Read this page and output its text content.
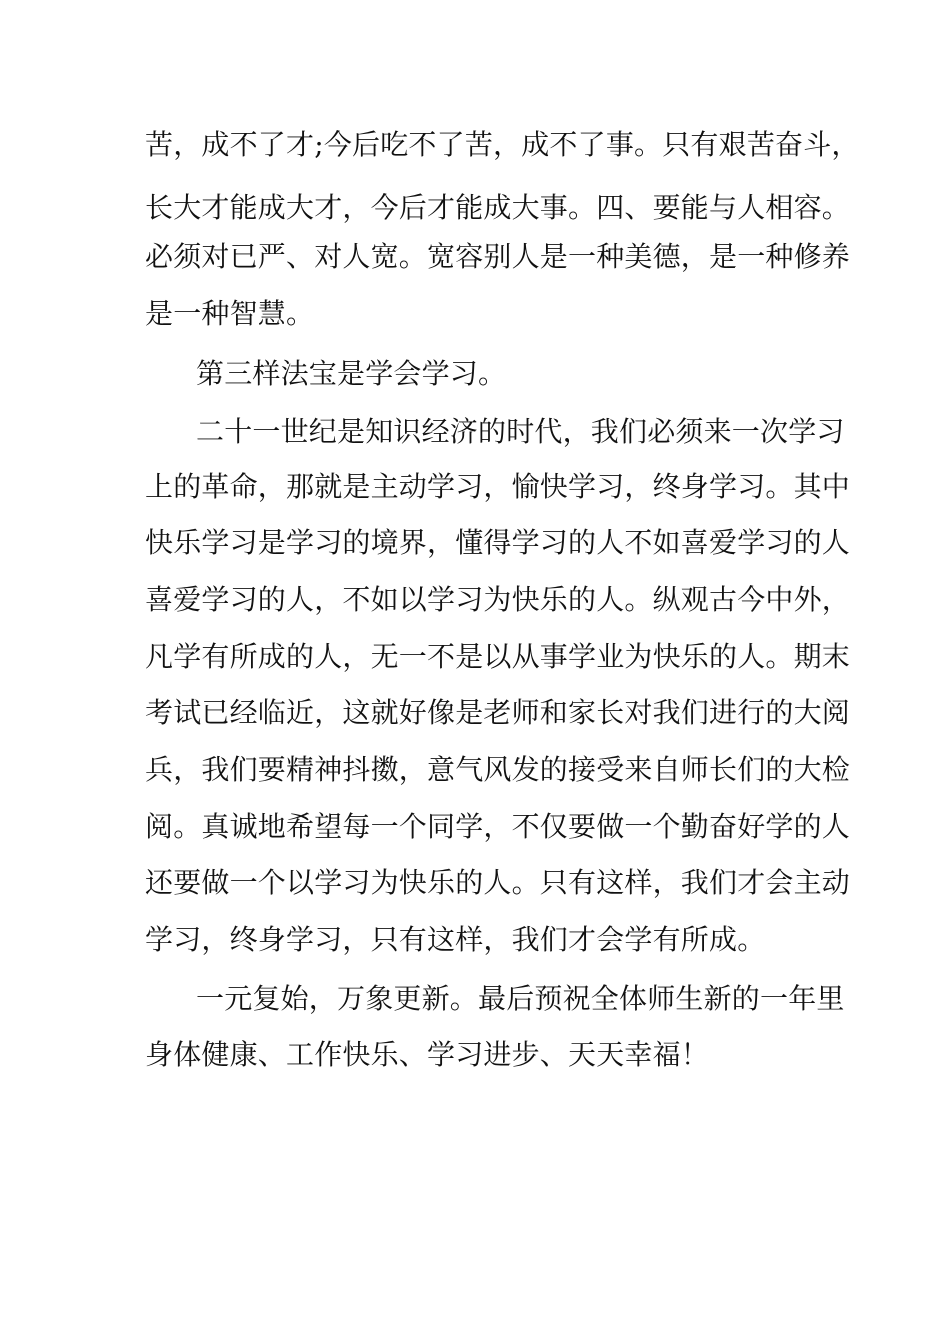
苦，成不了才;今后吃不了苦，成不了事。只有艰苦奋斗，

长大才能成大才，今后才能成大事。四、要能与人相容。

必须对已严、对人宽。宽容别人是一种美德，是一种修养

是一种智慧。

第三样法宝是学会学习。

二十一世纪是知识经济的时代，我们必须来一次学习

上的革命，那就是主动学习，愉快学习，终身学习。其中

快乐学习是学习的境界，懂得学习的人不如喜爱学习的人

喜爱学习的人，不如以学习为快乐的人。纵观古今中外，

凡学有所成的人，无一不是以从事学业为快乐的人。期末

考试已经临近，这就好像是老师和家长对我们进行的大阅

兵，我们要精神抖擞，意气风发的接受来自师长们的大检

阅。真诚地希望每一个同学，不仅要做一个勤奋好学的人

还要做一个以学习为快乐的人。只有这样，我们才会主动

学习，终身学习，只有这样，我们才会学有所成。

一元复始，万象更新。最后预祝全体师生新的一年里

身体健康、工作快乐、学习进步、天天幸福！
